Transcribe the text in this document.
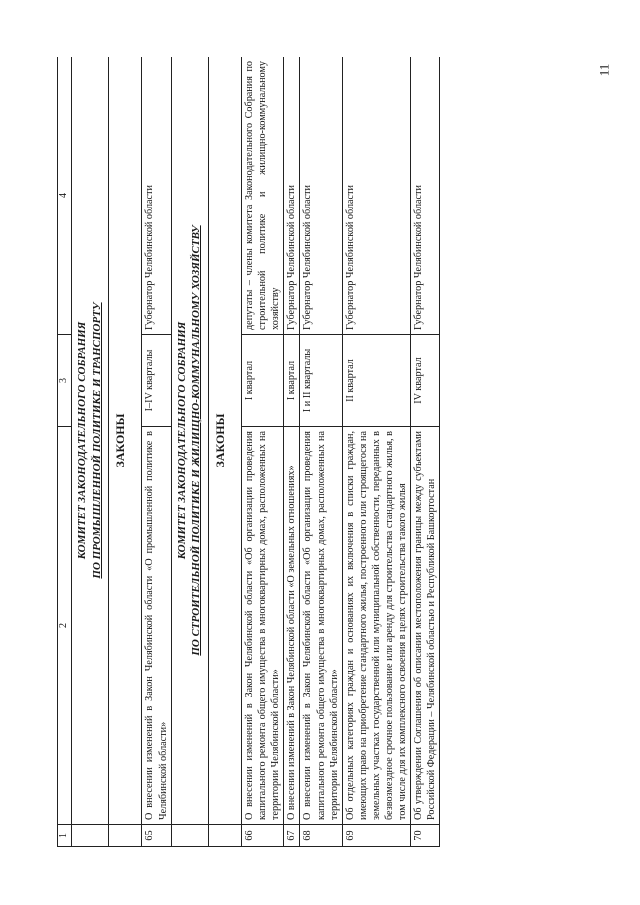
11
1	2	3	4

	КОМИТЕТ ЗАКОНОДАТЕЛЬНОГО СОБРАНИЯ ПО ПРОМЫШЛЕННОЙ ПОЛИТИКЕ И ТРАНСПОРТУ		

	ЗАКОНЫ		
65	О внесении изменений в Закон Челябинской области «О промышленной политике в Челябинской области»	I–IV кварталы	Губернатор Челябинской области

	КОМИТЕТ ЗАКОНОДАТЕЛЬНОГО СОБРАНИЯ ПО СТРОИТЕЛЬНОЙ ПОЛИТИКЕ И ЖИЛИЩНО-КОММУНАЛЬНОМУ ХОЗЯЙСТВУ		

	ЗАКОНЫ		
66	О внесении изменений в Закон Челябинской области «Об организации проведения капитального ремонта общего имущества в многоквартирных домах, расположенных на территории Челябинской области»	I квартал	депутаты – члены комитета Законодательного Собрания по строительной политике и жилищно-коммунальному хозяйству
67	О внесении изменений в Закон Челябинской области «О земельных отношениях»	I квартал	Губернатор Челябинской области
68	О внесении изменений в Закон Челябинской области «Об организации проведения капитального ремонта общего имущества в многоквартирных домах, расположенных на территории Челябинской области»	I и II кварталы	Губернатор Челябинской области
69	Об отдельных категориях граждан и основаниях их включения в списки граждан, имеющих право на приобретение стандартного жилья, построенного или строящегося на земельных участках государственной или муниципальной собственности, переданных в безвозмездное срочное пользование или аренду для строительства стандартного жилья, в том числе для их комплексного освоения в целях строительства такого жилья	II квартал	Губернатор Челябинской области
70	Об утверждении Соглашения об описании местоположения границы между субъектами Российской Федерации – Челябинской областью и Республикой Башкортостан	IV квартал	Губернатор Челябинской области
